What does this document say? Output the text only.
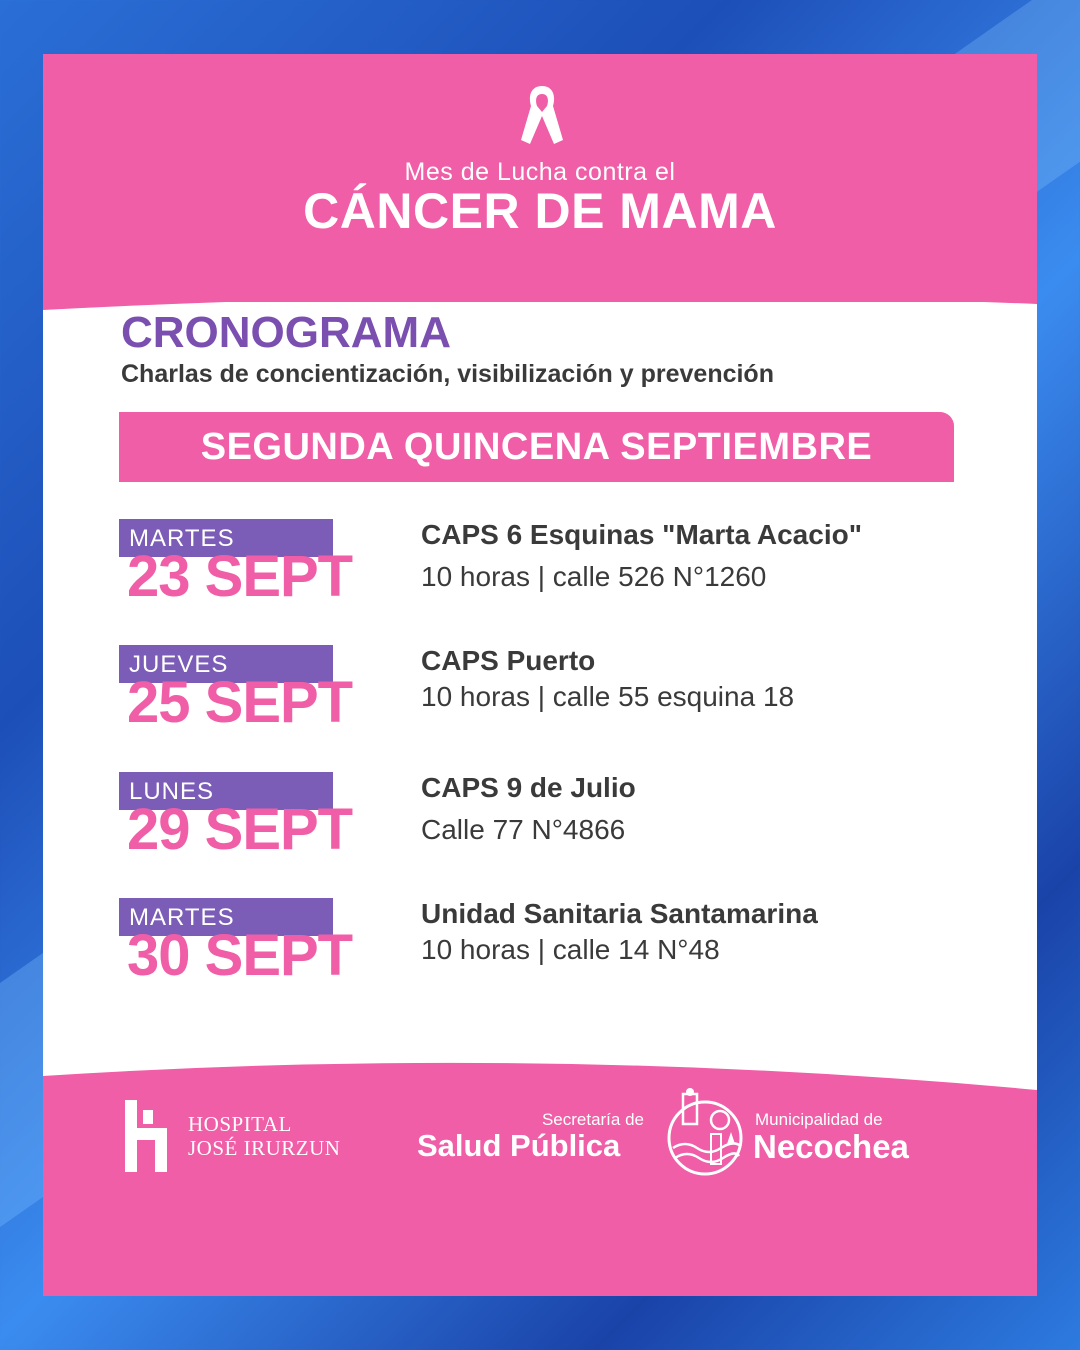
Mes de Lucha contra el
CÁNCER DE MAMA
CRONOGRAMA
Charlas de concientización, visibilización y prevención
SEGUNDA QUINCENA SEPTIEMBRE
MARTES
23 SEPT
CAPS 6 Esquinas "Marta Acacio"
10 horas | calle 526 N°1260
JUEVES
25 SEPT
CAPS Puerto
10 horas | calle 55 esquina 18
LUNES
29 SEPT
CAPS 9 de Julio
Calle 77 N°4866
MARTES
30 SEPT
Unidad Sanitaria Santamarina
10 horas | calle 14 N°48
HOSPITAL
JOSÉ IRURZUN
Secretaría de
Salud Pública
Municipalidad de
Necochea
